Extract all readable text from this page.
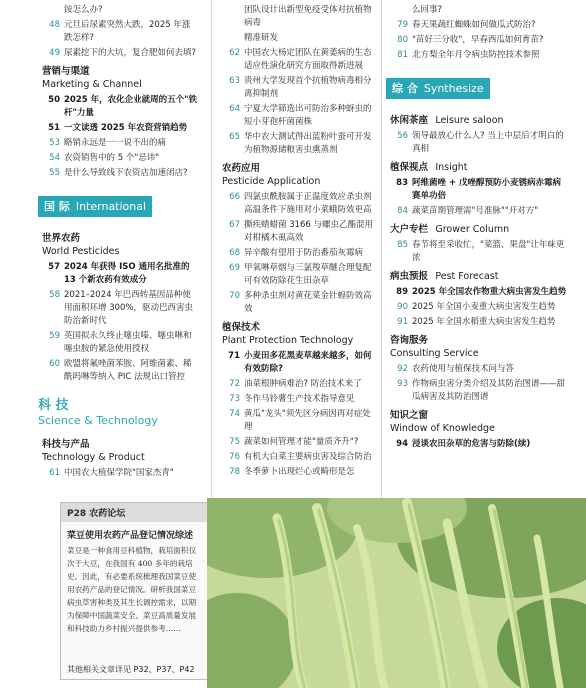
铵怎么办?
48 元旦后尿素突然大跌，2025 年涨跌怎样?
49 尿素挖下的大坑，复合肥如何去填?
营销与渠道
Marketing & Channel
50 2025 年，农化企业就周的五个"铁杆"力量
51 一文读透 2025 年农资营销趋势
53 略销永远是一一说不出的痛
54 农资销售中的 5 个"忌讳"
55 是什么导致线下农资店加速闭店?
国 际 International
世界农药
World Pesticides
57 2024 年获得 ISO 通用名批准的 13 个新农药有效成分
58 2021–2024 年巴西转基因品种使用面积环增 300%，驱动巴西害虫防治新时代
59 英国拟永久终止噻虫嗪、噻虫啉和噻虫胺的紧急使用授权
60 欧盟将氟唑菌苯胺、阿维菌素、稀酰吗啉等纳入 PIC 法规出口管控
科 技
Science & Technology
科技与产品
Technology & Product
61 中国农大植保学院"国家杰青"
团队设计出新型免疫受体对抗植物病毒
精准研发
62 中国农大杨定团队在黄萎病的生态适应性演化研究方面取得新进展
63 贵州大学发现首个抗植物病毒相分离抑制剂
64 宁夏大学筛选出可防治多种蚜虫的短小芽孢杆菌菌株
65 华中农大测试得出蓝粉叶蚕可开发为植物源储粮害虫熏蒸剂
农药应用
Pesticide Application
66 四氯虫酰胺属于正温度效应杀虫剂高温条件下施用对小菜蛾防效更高
67 撕疾蜻蜡菌 3166 与螺虫乙酯混用对柑橘木虱高效
68 异辛酸有望用于防治番茄灰霉病
69 甲氧啉草烟与三氯羧草醚合理复配可有效防除花生田杂草
70 多种杀虫剂对黄花菜金针蝗防效高效
植保技术
Plant Protection Technology
71 小麦田多花黑麦草越来越多，如何有效防除?
72 油菜根肿病难治? 防治技术来了
73 冬作马铃薯生产技术指导意见
74 黄瓜"龙头"须先区分病因再对症处理
75 蔬菜如何管理才能"量质齐升"?
76 有机大白菜主要病虫害及综合防治
78 冬季萝卜出现烂心或畸形是怎
么回事?
79 春天果蔬红蜘蛛如何做瓜式防治?
80 "苗好三分收"，早春西瓜如何育苗?
81 北方梨全年月令病虫防控技术参照
综 合 Synthesize
休闲茶座 Leisure saloon
56 领导最放心什么人? 当上中层后才明白的真相
植保视点 Insight
83 阿维菌唑 + 戊唑醇预防小麦锈病赤霉病赛单功倍
84 蔬菜苗期管理需"号准脉""开对方"
大户专栏 Grower Column
85 春节将至采收忙，"菜篮、果盘"让年味更浓
病虫预报 Pest Forecast
89 2025 年全国农作物重大病虫害发生趋势
90 2025 年全国小麦重大病虫害发生趋势
91 2025 年全国水稻重大病虫害发生趋势
咨询服务
Consulting Service
92 农药使用与植保技术问与答
93 作物病虫害分类介绍及其防治图谱——甜瓜病害及其防治图谱
知识之窗
Window of Knowledge
94 浸谈农田杂草的危害与防除(续)
P28 农药论坛
菜豆使用农药产品登记情况综述
菜豆是一种食用豆科植物，栽培面积仅次于大豆，在我国有 400 多年的栽培史。因此，有必要系统梳理我国菜豆使用农药产品的登记情况。研析我国菜豆病虫草害种类及其生长调控需求，以期为保障中国蔬菜安全、菜豆高质量发展和科技助力乡村振兴提供参考……
其他相关文章详见 P32、P37、P42
